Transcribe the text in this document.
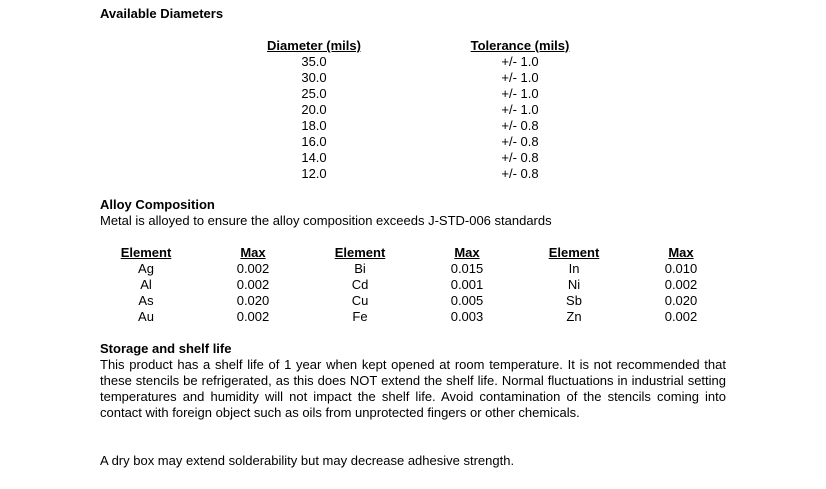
Available Diameters
Diameter (mils)
35.0
30.0
25.0
20.0
18.0
16.0
14.0
12.0
Tolerance (mils)
+/- 1.0
+/- 1.0
+/- 1.0
+/- 1.0
+/- 0.8
+/- 0.8
+/- 0.8
+/- 0.8
Alloy Composition
Metal is alloyed to ensure the alloy composition exceeds J-STD-006 standards
Element
Ag
Al
As
Au
Max
0.002
0.002
0.020
0.002
Element
Bi
Cd
Cu
Fe
Max
0.015
0.001
0.005
0.003
Element
In
Ni
Sb
Zn
Max
0.010
0.002
0.020
0.002
Storage and shelf life
This product has a shelf life of 1 year when kept opened at room temperature. It is not recommended that these stencils be refrigerated, as this does NOT extend the shelf life. Normal fluctuations in industrial setting temperatures and humidity will not impact the shelf life. Avoid contamination of the stencils coming into contact with foreign object such as oils from unprotected fingers or other chemicals.
A dry box may extend solderability but may decrease adhesive strength.
